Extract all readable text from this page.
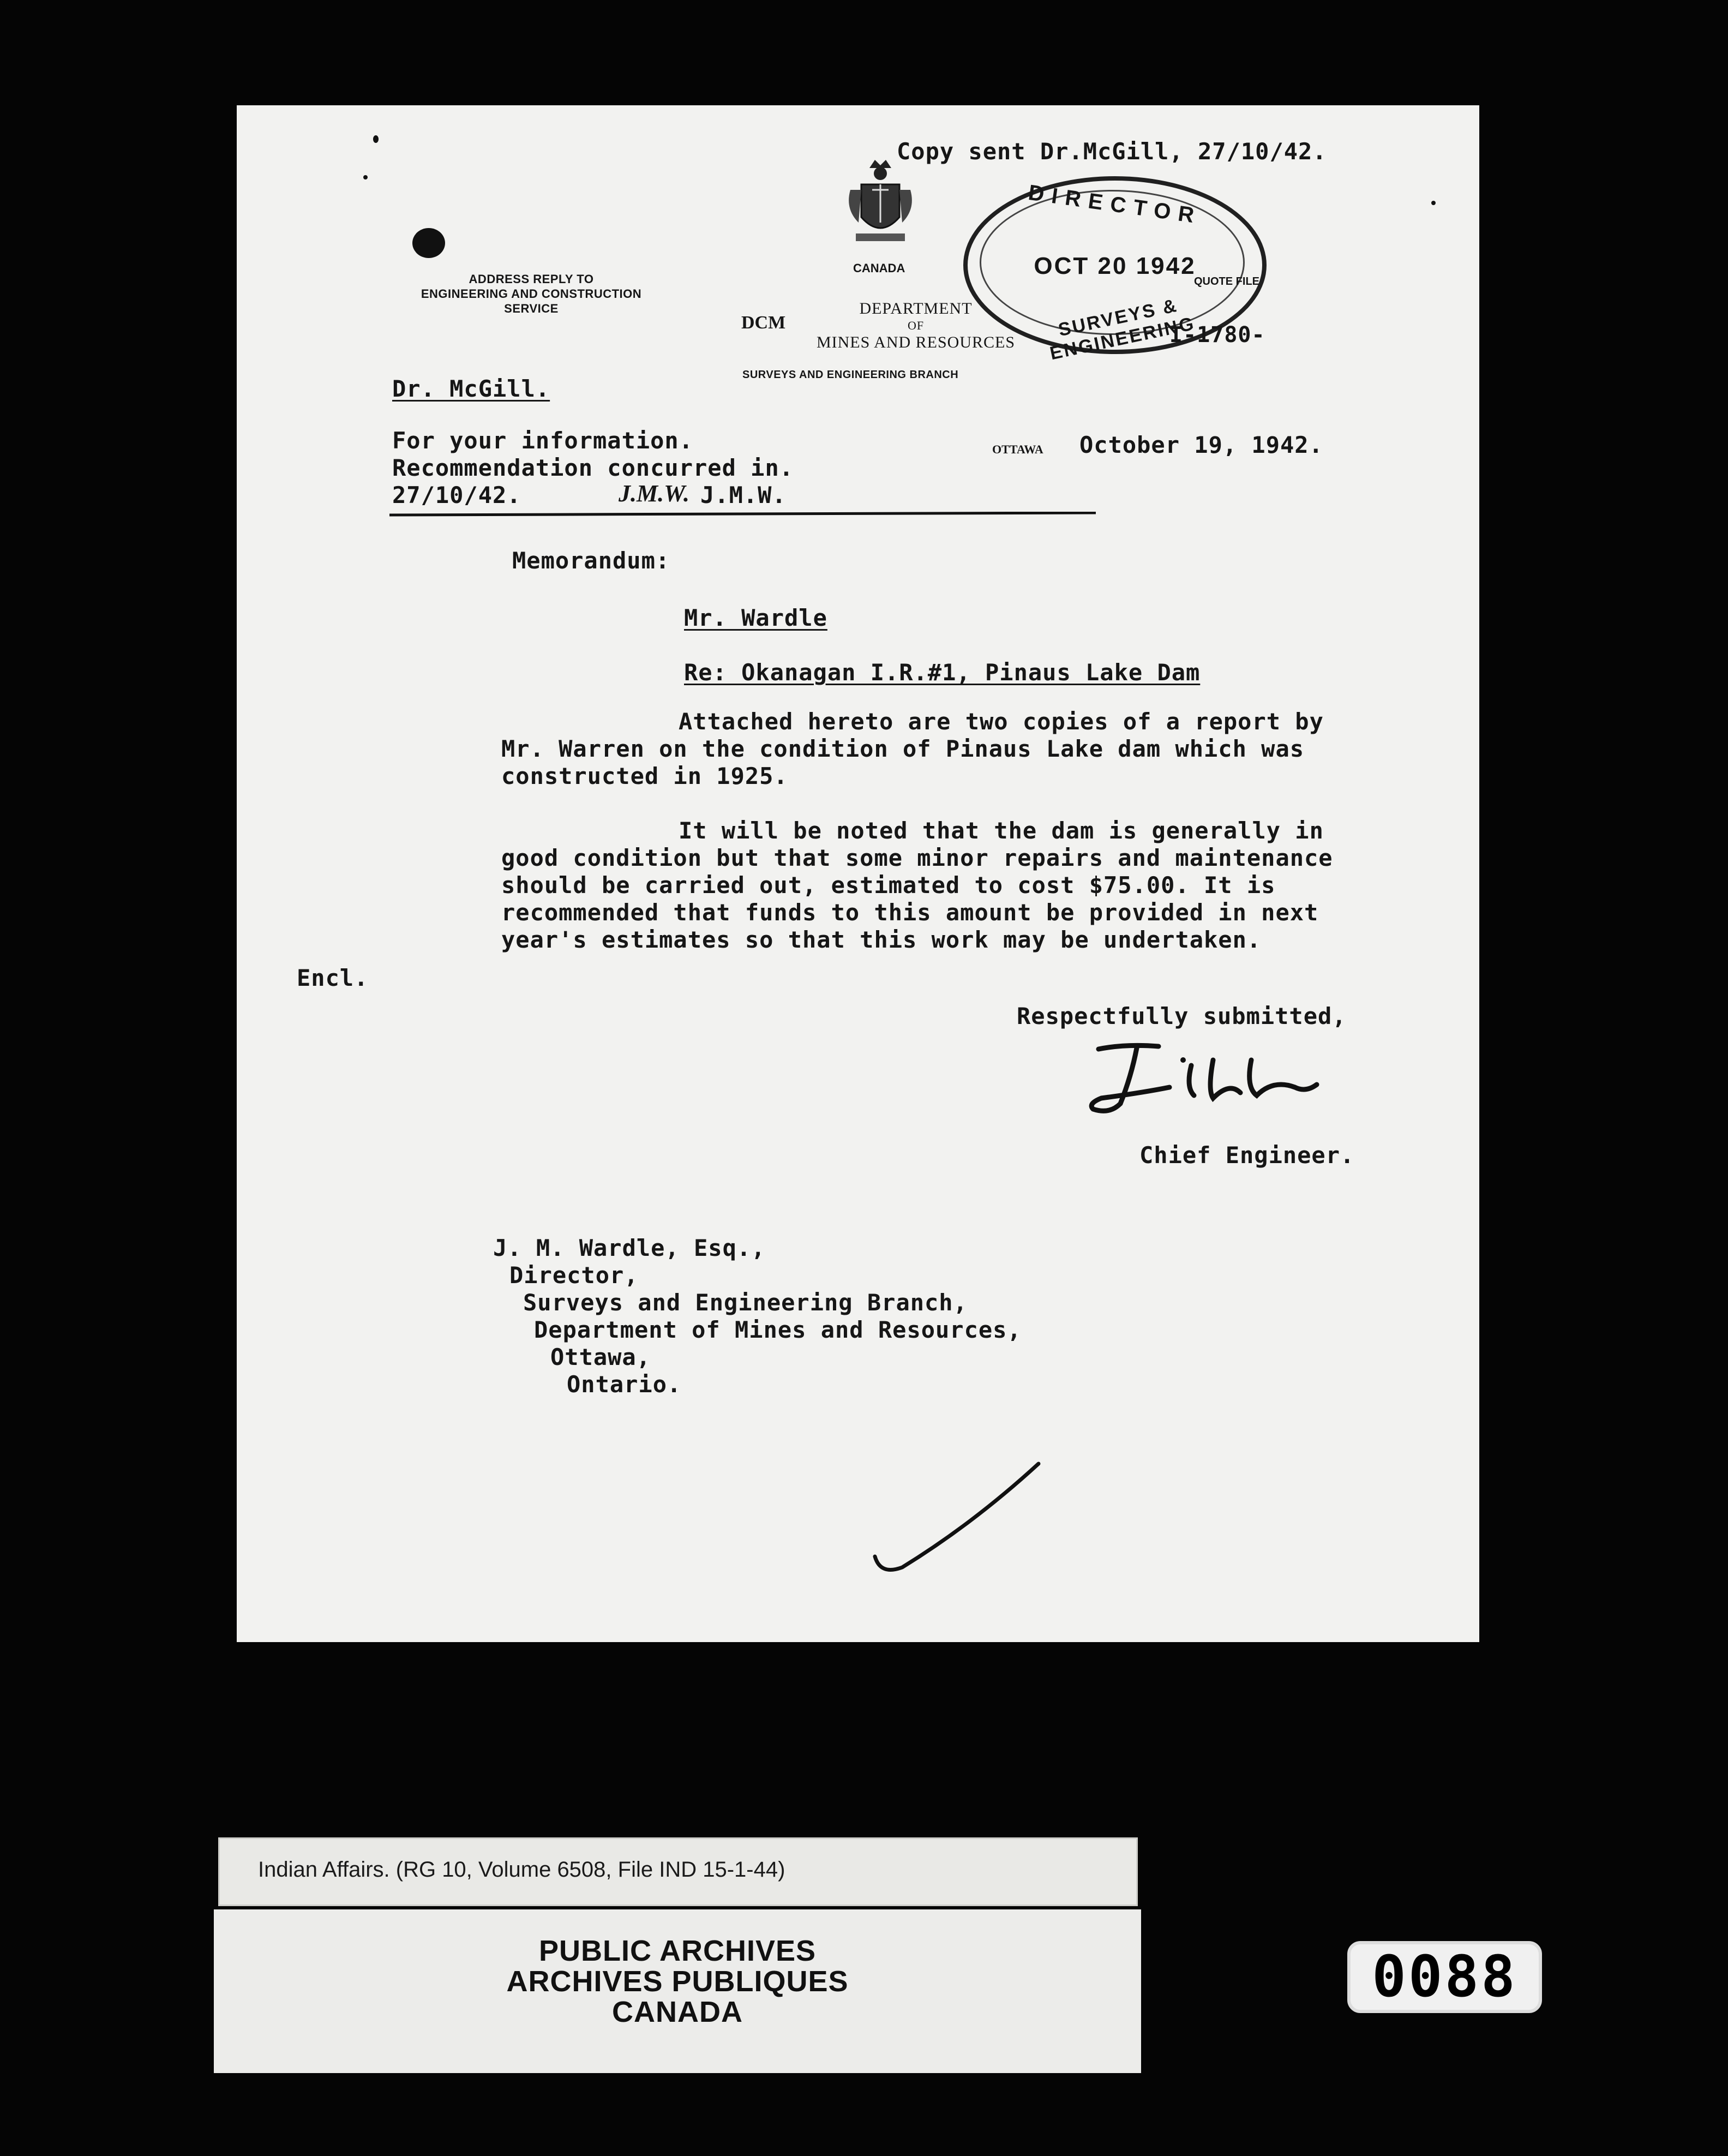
Copy sent Dr.McGill, 27/10/42.
ADDRESS REPLY TO
ENGINEERING AND CONSTRUCTION
SERVICE
CANADA
DCM
DEPARTMENT
OF
MINES AND RESOURCES
SURVEYS AND ENGINEERING BRANCH
DIRECTOR
OCT 20 1942
SURVEYS & ENGINEERING
QUOTE FILE
I-1780-
Dr. McGill.
For your information.
Recommendation concurred in.
27/10/42.	J.M.W. J.M.W.
OTTAWA October 19, 1942.
Memorandum:
Mr. Wardle
Re: Okanagan I.R.#1, Pinaus Lake Dam
Attached hereto are two copies of a report by
Mr. Warren on the condition of Pinaus Lake dam which was
constructed in 1925.
It will be noted that the dam is generally in
good condition but that some minor repairs and maintenance
should be carried out, estimated to cost $75.00. It is
recommended that funds to this amount be provided in next
year's estimates so that this work may be undertaken.
Encl.
Respectfully submitted,
Chief Engineer.
J. M. Wardle, Esq.,
Director,
Surveys and Engineering Branch,
Department of Mines and Resources,
Ottawa,
Ontario.
Indian Affairs. (RG 10, Volume 6508, File IND 15-1-44)
PUBLIC ARCHIVES
ARCHIVES PUBLIQUES
CANADA
0088
